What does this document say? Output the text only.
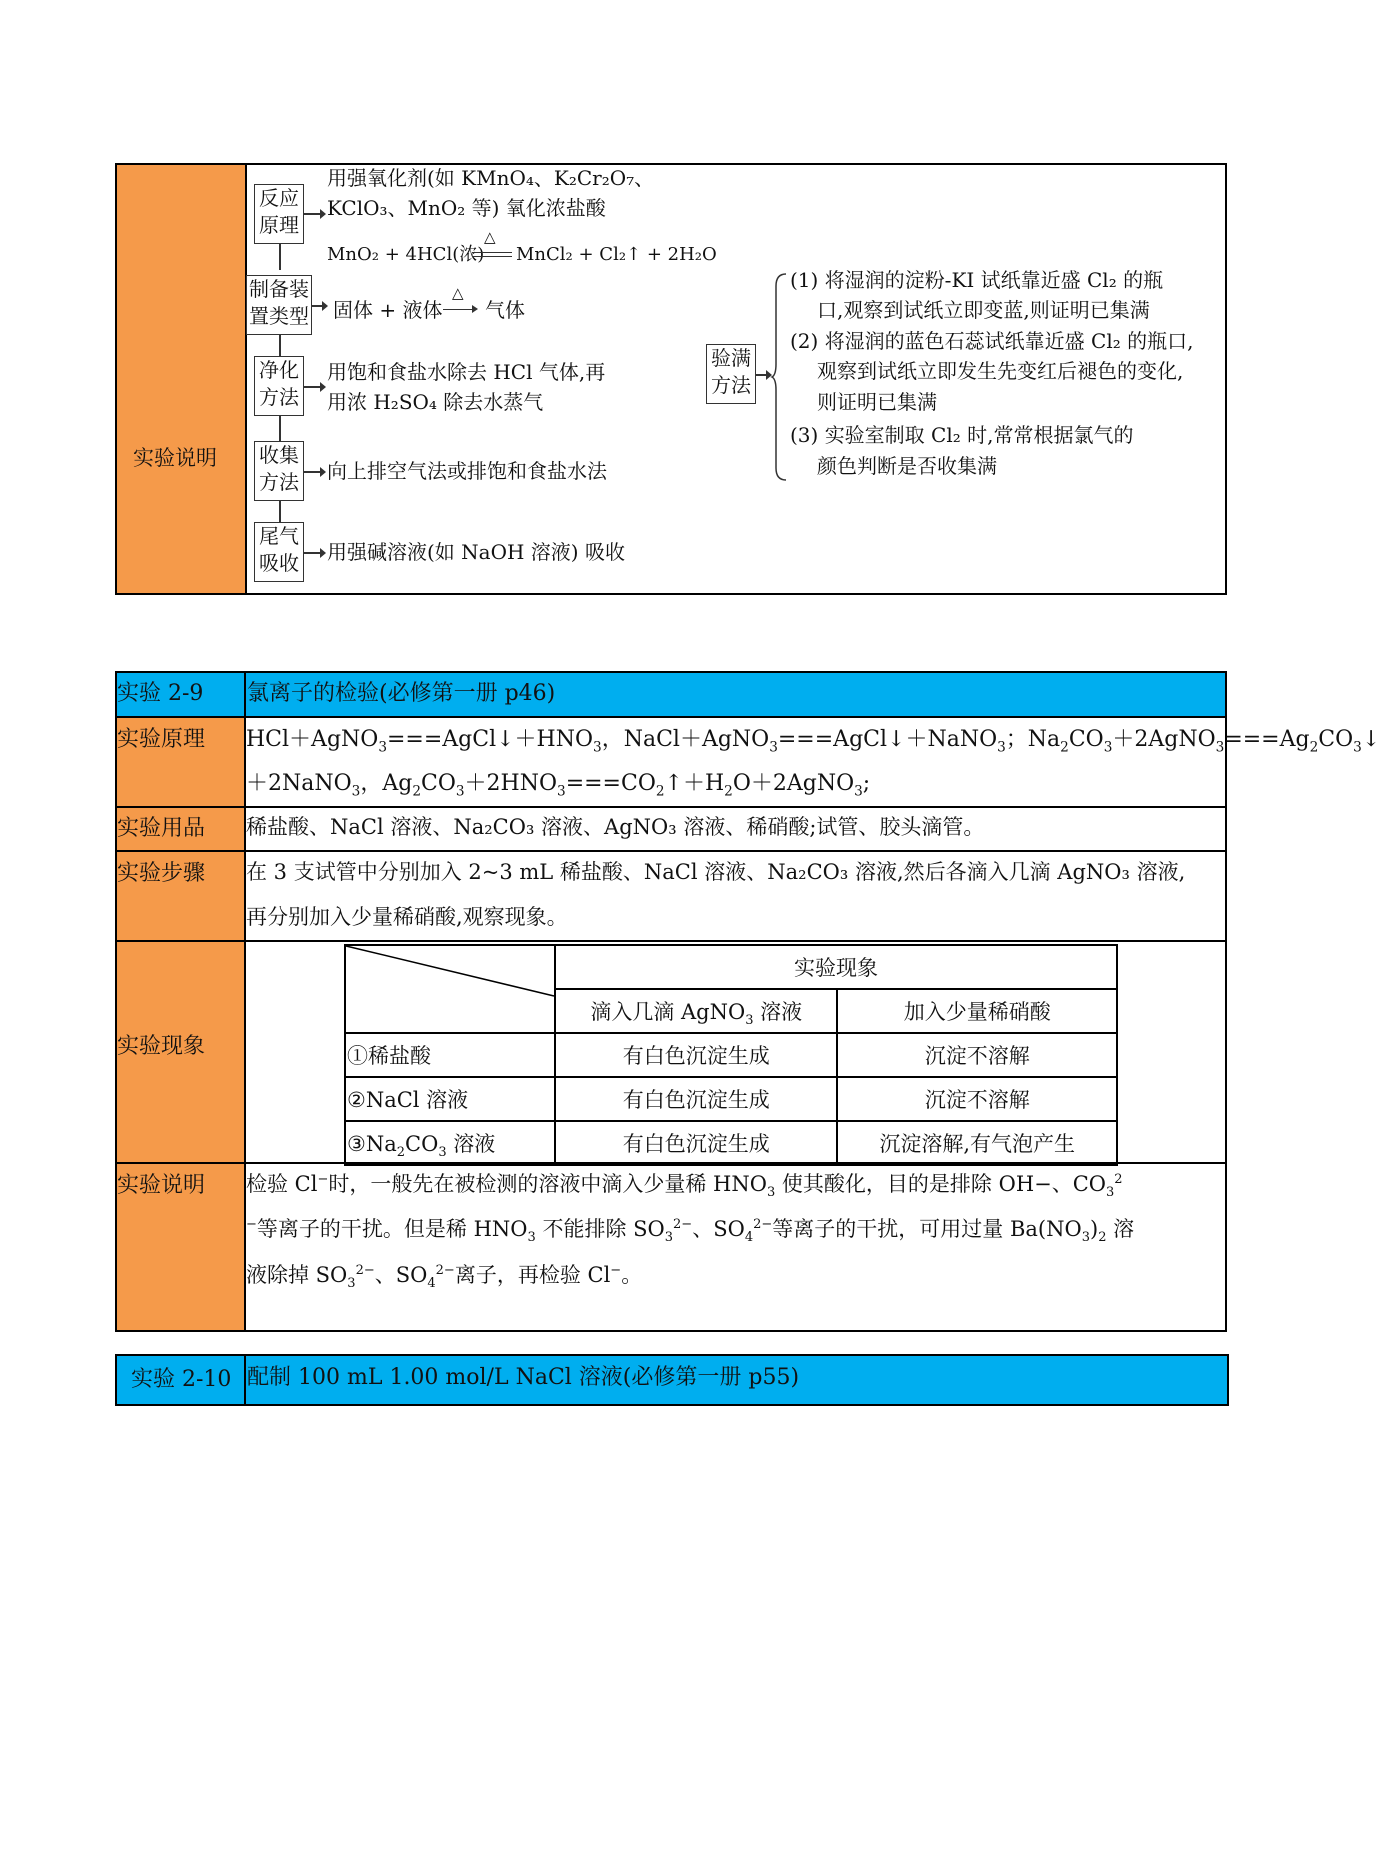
实验说明
反应
原理
用强氧化剂(如 KMnO₄、K₂Cr₂O₇、
KClO₃、MnO₂ 等) 氧化浓盐酸
MnO₂ + 4HCl(浓)
△
MnCl₂ + Cl₂↑ + 2H₂O
制备装
置类型 固体 + 液体
△
气体
净化
方法
用饱和食盐水除去 HCl 气体,再
用浓 H₂SO₄ 除去水蒸气
收集
方法 向上排空气法或排饱和食盐水法
尾气
吸收 用强碱溶液(如 NaOH 溶液) 吸收
验满
方法
(1) 将湿润的淀粉-KI 试纸靠近盛 Cl₂ 的瓶
口,观察到试纸立即变蓝,则证明已集满
(2) 将湿润的蓝色石蕊试纸靠近盛 Cl₂ 的瓶口,
观察到试纸立即发生先变红后褪色的变化,
则证明已集满
(3) 实验室制取 Cl₂ 时,常常根据氯气的
颜色判断是否收集满
实验 2-9 氯离子的检验(必修第一册 p46)
实验原理 $HCl+AgNO_3===AgCl↓+HNO_3$，NaCl＋AgNO$_3$===AgCl↓＋NaNO$_3$；$Na_2CO_3+2AgNO_3===Ag_2CO_3↓$
＋2NaNO$_3$，$Ag_2CO_3+2HNO_3===CO_2↑+H_2O+2AgNO_3$;
实验用品 稀盐酸、NaCl 溶液、Na₂CO₃ 溶液、AgNO₃ 溶液、稀硝酸;试管、胶头滴管。
实验步骤 在 3 支试管中分别加入 2~3 mL 稀盐酸、NaCl 溶液、Na₂CO₃ 溶液,然后各滴入几滴 AgNO₃ 溶液,
再分别加入少量稀硝酸,观察现象。
实验现象
	实验现象	
	滴入几滴 AgNO$_3$ 溶液	加入少量稀硝酸
①稀盐酸	有白色沉淀生成	沉淀不溶解
②NaCl 溶液	有白色沉淀生成	沉淀不溶解
$③Na_2CO_3$ 溶液	有白色沉淀生成	沉淀溶解,有气泡产生
实验说明 检验 Cl−时，一般先在被检测的溶液中滴入少量稀 $HNO_3$ 使其酸化，目的是排除 OH−、$CO_3^2$
−等离子的干扰。但是稀 $HNO_3$ 不能排除 $SO_3^{2-}$、$SO_4^{2-}$等离子的干扰，可用过量 $Ba(NO_3)_2$ 溶
液除掉 $SO_3^{2-}$、$SO_4^{2-}$离子，再检验 Cl−。
实验 2-10 配制 100 mL 1.00 mol/L NaCl 溶液(必修第一册 p55)
